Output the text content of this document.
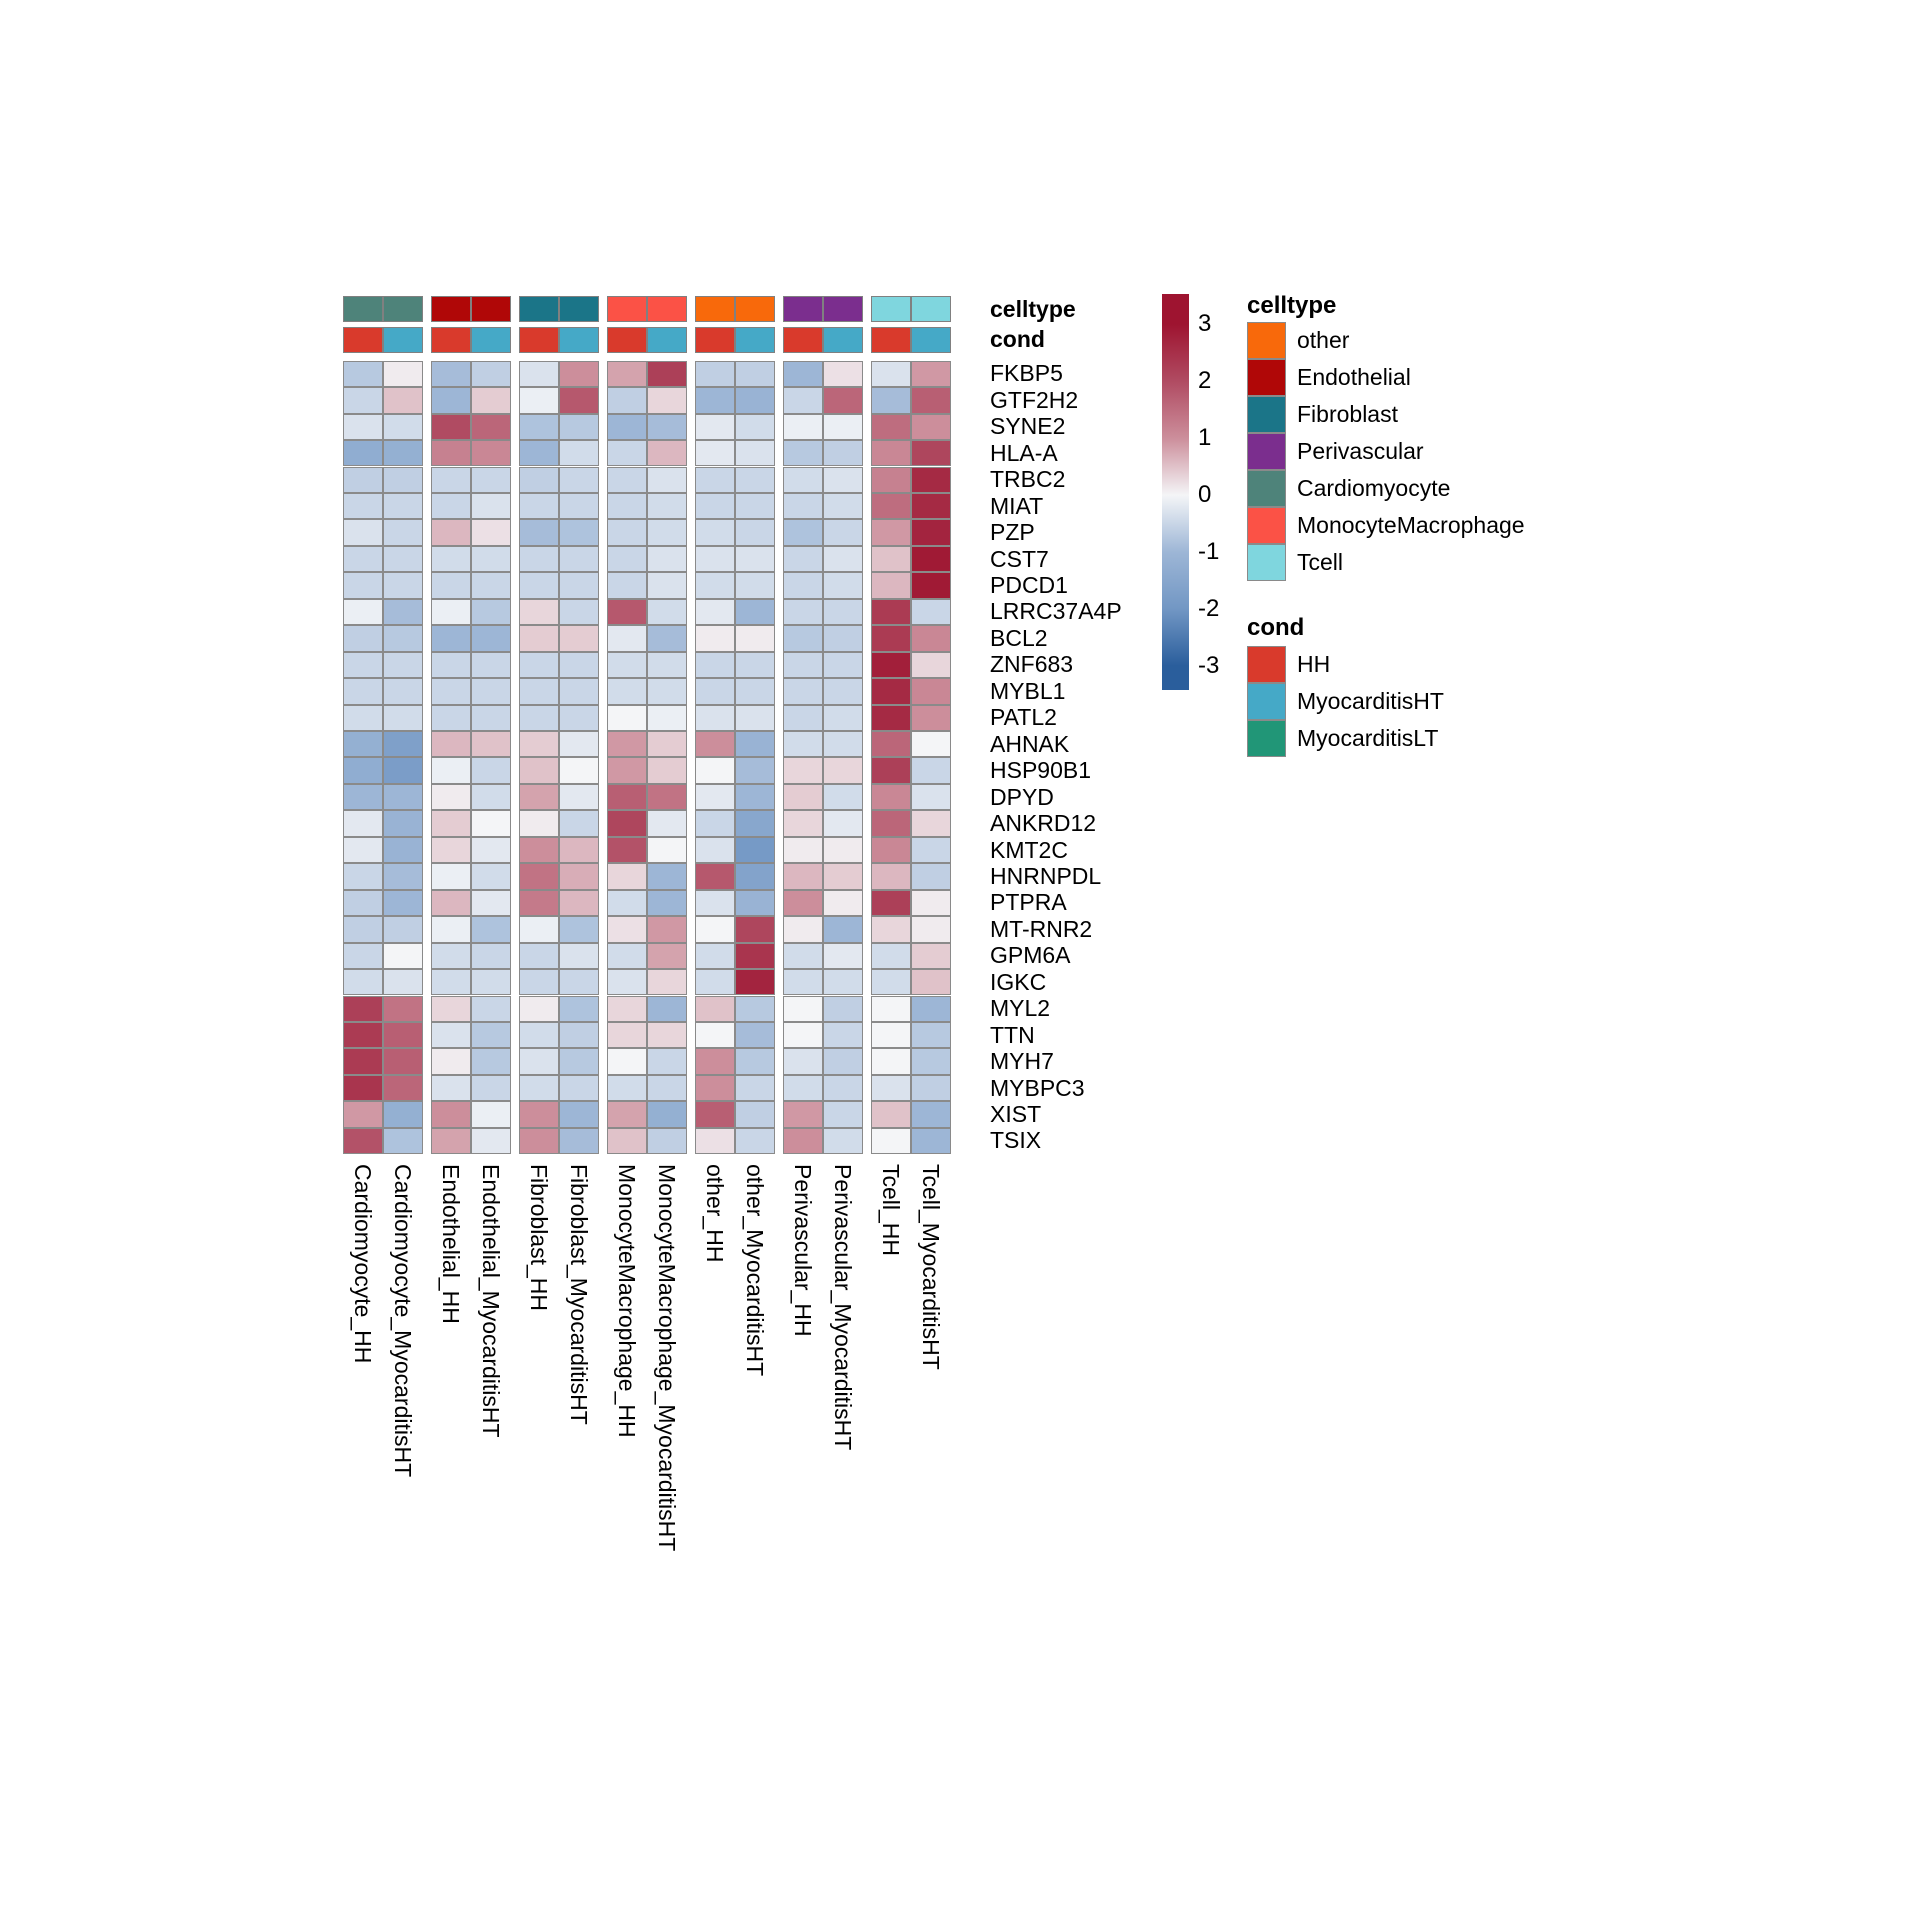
FKBP5
GTF2H2
SYNE2
HLA-A
TRBC2
MIAT
PZP
CST7
PDCD1
LRRC37A4P
BCL2
ZNF683
MYBL1
PATL2
AHNAK
HSP90B1
DPYD
ANKRD12
KMT2C
HNRNPDL
PTPRA
MT-RNR2
GPM6A
IGKC
MYL2
TTN
MYH7
MYBPC3
XIST
TSIX
celltype
cond
Cardiomyocyte_HH Cardiomyocyte_MyocarditisHT Endothelial_HH Endothelial_MyocarditisHT Fibroblast_HH Fibroblast_MyocarditisHT MonocyteMacrophage_HH MonocyteMacrophage_MyocarditisHT other_HH other_MyocarditisHT Perivascular_HH Perivascular_MyocarditisHT Tcell_HH Tcell_MyocarditisHT
3
2
1
0
-1
-2
-3
celltype
other
Endothelial
Fibroblast
Perivascular
Cardiomyocyte
MonocyteMacrophage
Tcell
cond
HH
MyocarditisHT
MyocarditisLT
